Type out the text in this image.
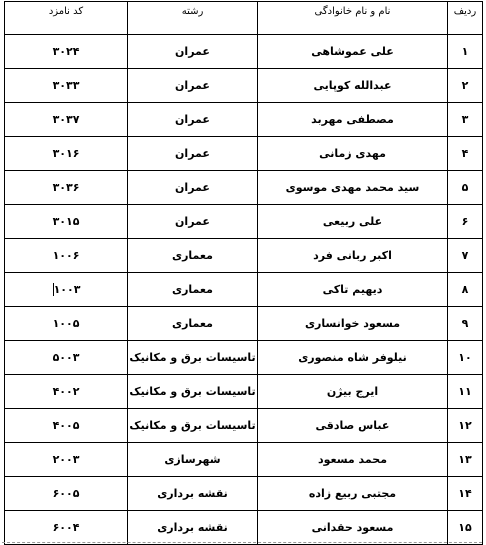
ردیف	نام و نام خانوادگی	رشته	کد نامزد
۱	علی عموشاهی	عمران	۳۰۲۴
۲	عبدالله کوپایی	عمران	۳۰۳۳
۳	مصطفی مهربد	عمران	۳۰۳۷
۴	مهدی زمانی	عمران	۳۰۱۶
۵	سید محمد مهدی موسوی	عمران	۳۰۳۶
۶	علی ربیعی	عمران	۳۰۱۵
۷	اکبر ربانی فرد	معماری	۱۰۰۶
۸	دیهیم تاکی	معماری	۱۰۰۳
۹	مسعود خوانساری	معماری	۱۰۰۵
۱۰	نیلوفر شاه منصوری	تاسیسات برق و مکانیک	۵۰۰۳
۱۱	ایرج بیژن	تاسیسات برق و مکانیک	۴۰۰۲
۱۲	عباس صادقی	تاسیسات برق و مکانیک	۴۰۰۵
۱۳	محمد مسعود	شهرسازی	۲۰۰۳
۱۴	مجتبی ربیع زاده	نقشه برداری	۶۰۰۵
۱۵	مسعود حقدانی	نقشه برداری	۶۰۰۴
